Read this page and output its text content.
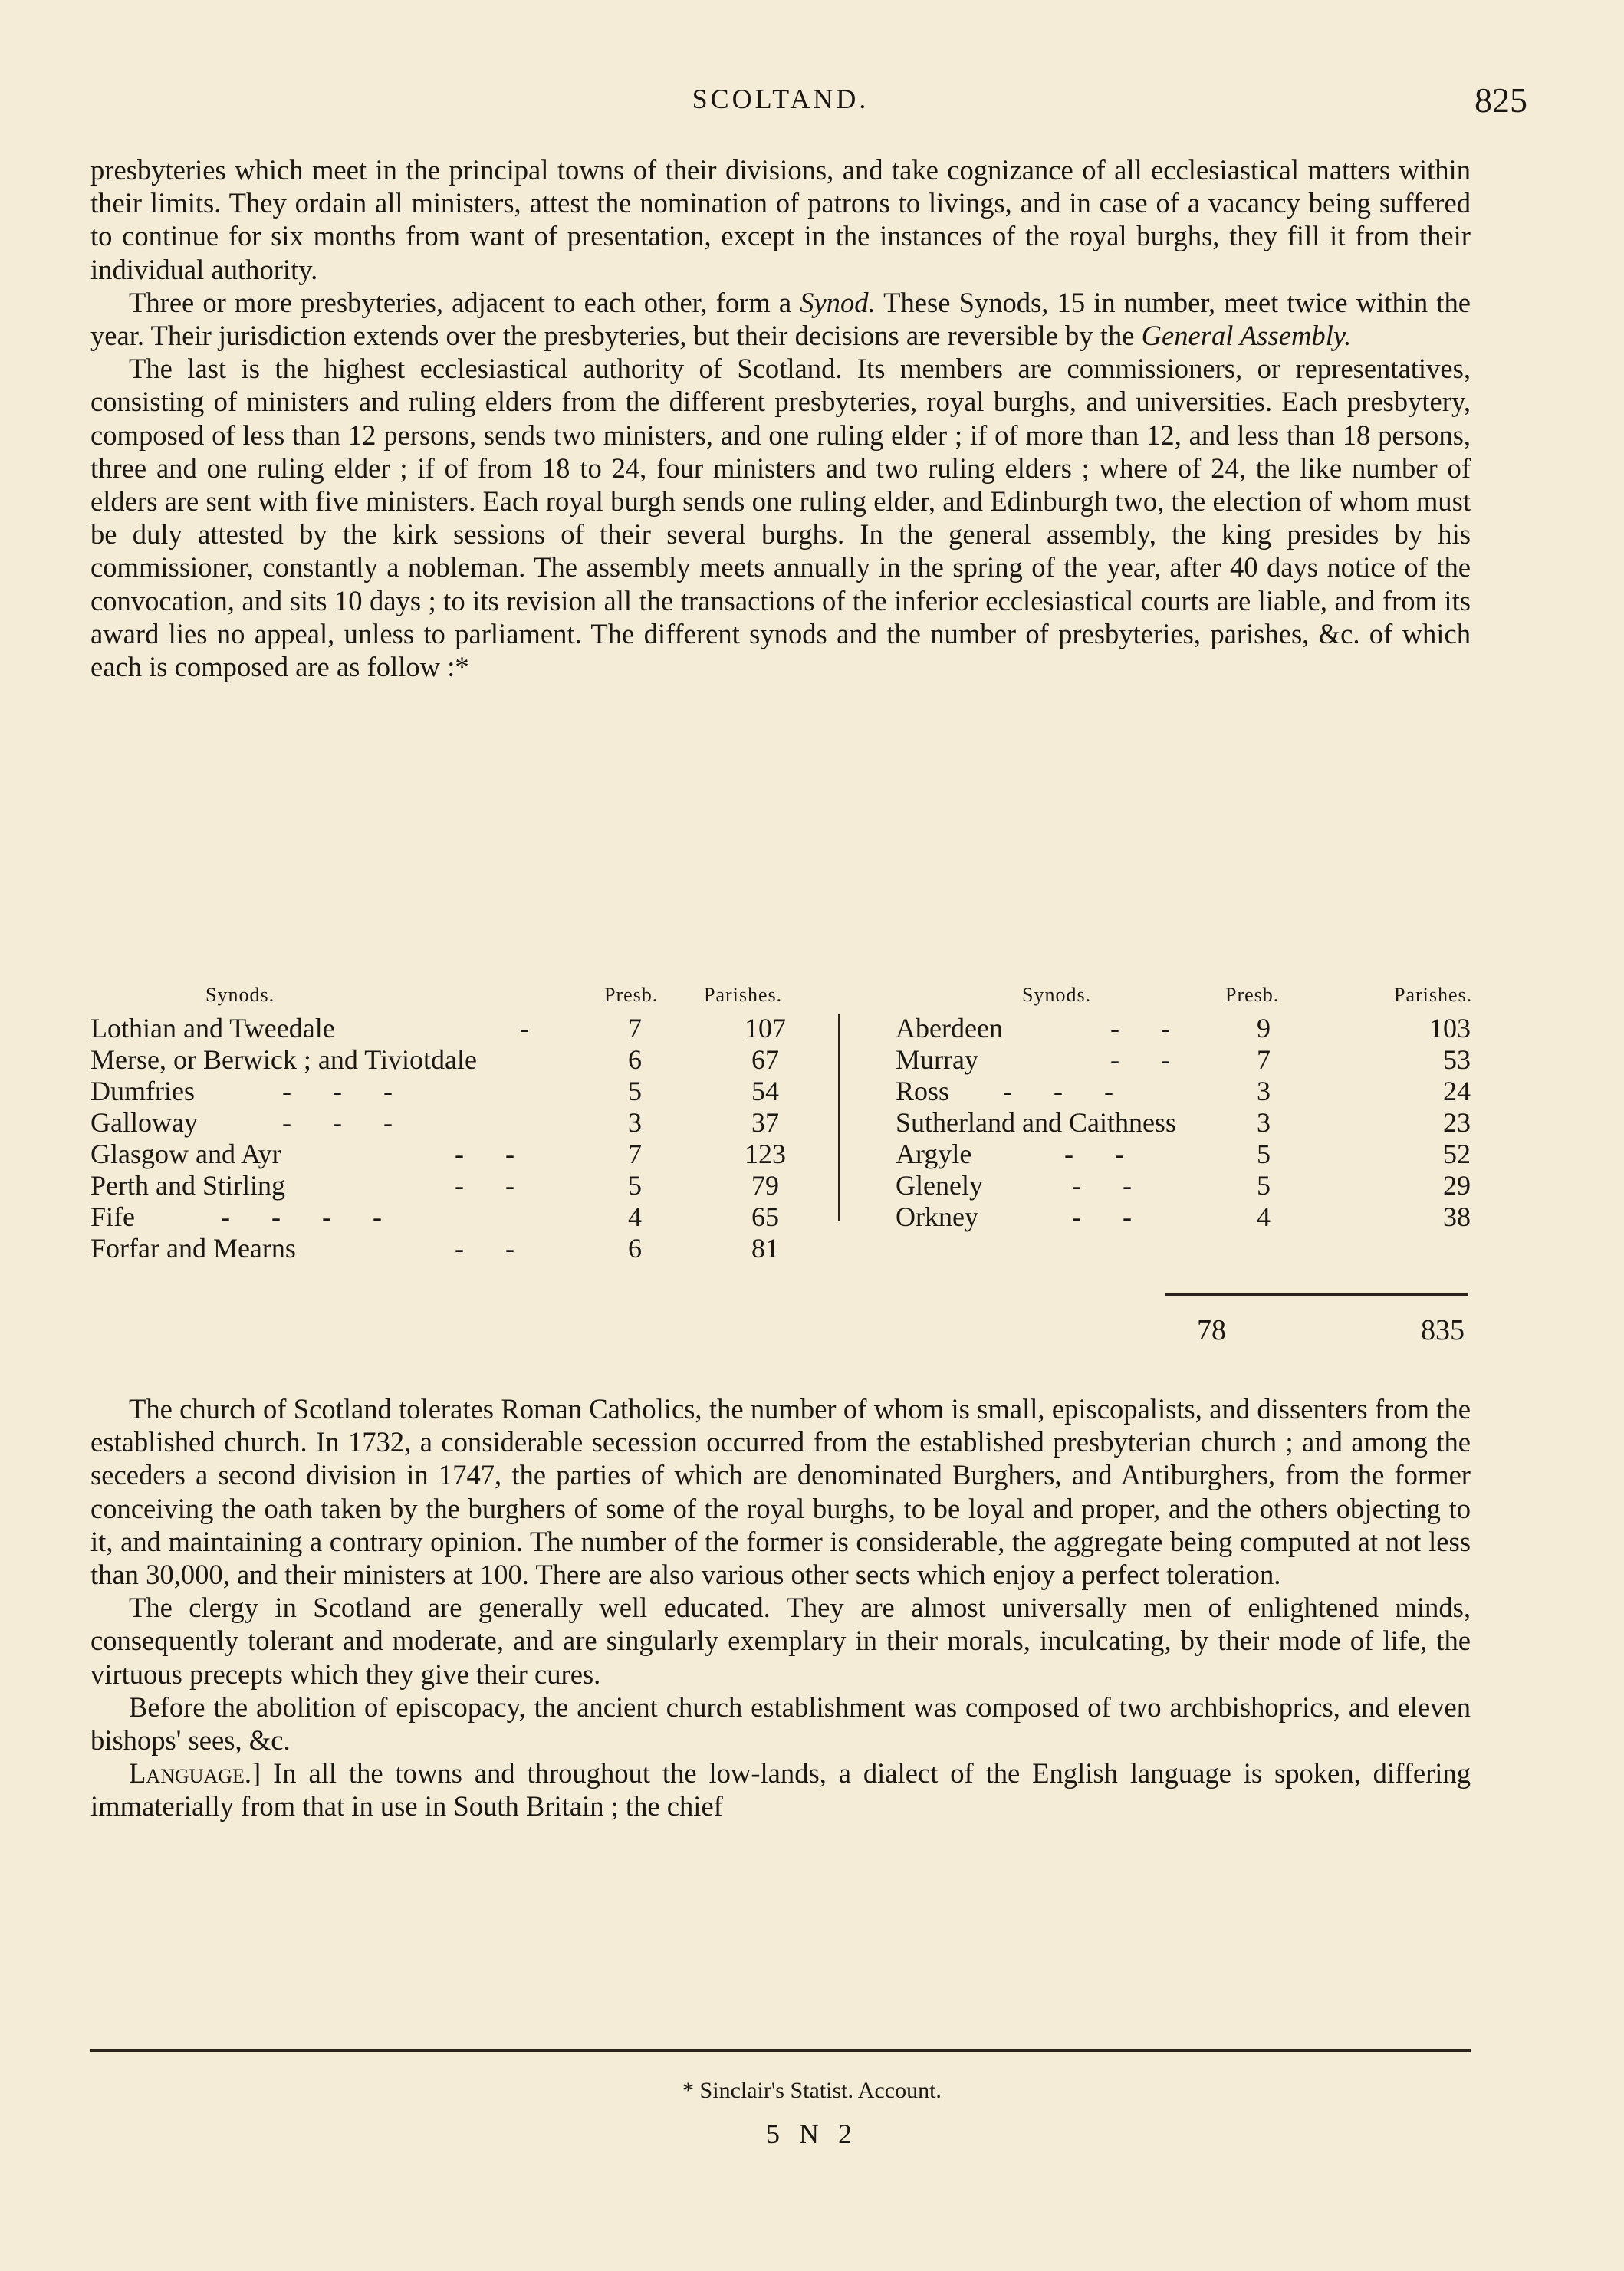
SCOLTAND.	825

presbyteries which meet in the principal towns of their divisions, and take cognizance of all ecclesiastical matters within their limits. They ordain all ministers, attest the nomination of patrons to livings, and in case of a vacancy being suffered to continue for six months from want of presentation, except in the instances of the royal burghs, they fill it from their individual authority.

Three or more presbyteries, adjacent to each other, form a Synod. These Synods, 15 in number, meet twice within the year. Their jurisdiction extends over the presbyteries, but their decisions are reversible by the General Assembly.

The last is the highest ecclesiastical authority of Scotland. Its members are commissioners, or representatives, consisting of ministers and ruling elders from the different presbyteries, royal burghs, and universities. Each presbytery, composed of less than 12 persons, sends two ministers, and one ruling elder ; if of more than 12, and less than 18 persons, three and one ruling elder ; if of from 18 to 24, four ministers and two ruling elders ; where of 24, the like number of elders are sent with five ministers. Each royal burgh sends one ruling elder, and Edinburgh two, the election of whom must be duly attested by the kirk sessions of their several burghs. In the general assembly, the king presides by his commissioner, constantly a nobleman. The assembly meets annually in the spring of the year, after 40 days notice of the convocation, and sits 10 days ; to its revision all the transactions of the inferior ecclesiastical courts are liable, and from its award lies no appeal, unless to parliament. The different synods and the number of presbyteries, parishes, &c. of which each is composed are as follow :*

Synods.	Presb. Parishes.
Lothian and Tweedale	-	7	107
Merse, or Berwick ; and Tiviotdale	6	67
Dumfries	-      -      -	5	54
Galloway	-      -      -	3	37
Glasgow and Ayr	-      -	7	123
Perth and Stirling	-      -	5	79
Fife	-      -      -      -	4	65
Forfar and Mearns	-      -	6	81
Synods.	Presb.	Parishes.
Aberdeen	-      -	9	103
Murray	-      -	7	53
Ross -      -      -	3	24
Sutherland and Caithness	3	23
Argyle	-      -	5	52
Glenely	-      -	5	29
Orkney	-      -	4	38
78	835

The church of Scotland tolerates Roman Catholics, the number of whom is small, episcopalists, and dissenters from the established church. In 1732, a considerable secession occurred from the established presbyterian church ; and among the seceders a second division in 1747, the parties of which are denominated Burghers, and Antiburghers, from the former conceiving the oath taken by the burghers of some of the royal burghs, to be loyal and proper, and the others objecting to it, and maintaining a contrary opinion. The number of the former is considerable, the aggregate being computed at not less than 30,000, and their ministers at 100. There are also various other sects which enjoy a perfect toleration.

The clergy in Scotland are generally well educated. They are almost universally men of enlightened minds, consequently tolerant and moderate, and are singularly exemplary in their morals, inculcating, by their mode of life, the virtuous precepts which they give their cures.

Before the abolition of episcopacy, the ancient church establishment was composed of two archbishoprics, and eleven bishops' sees, &c.

Language.] In all the towns and throughout the low-lands, a dialect of the English language is spoken, differing immaterially from that in use in South Britain ; the chief

* Sinclair's Statist. Account.
5 N 2
